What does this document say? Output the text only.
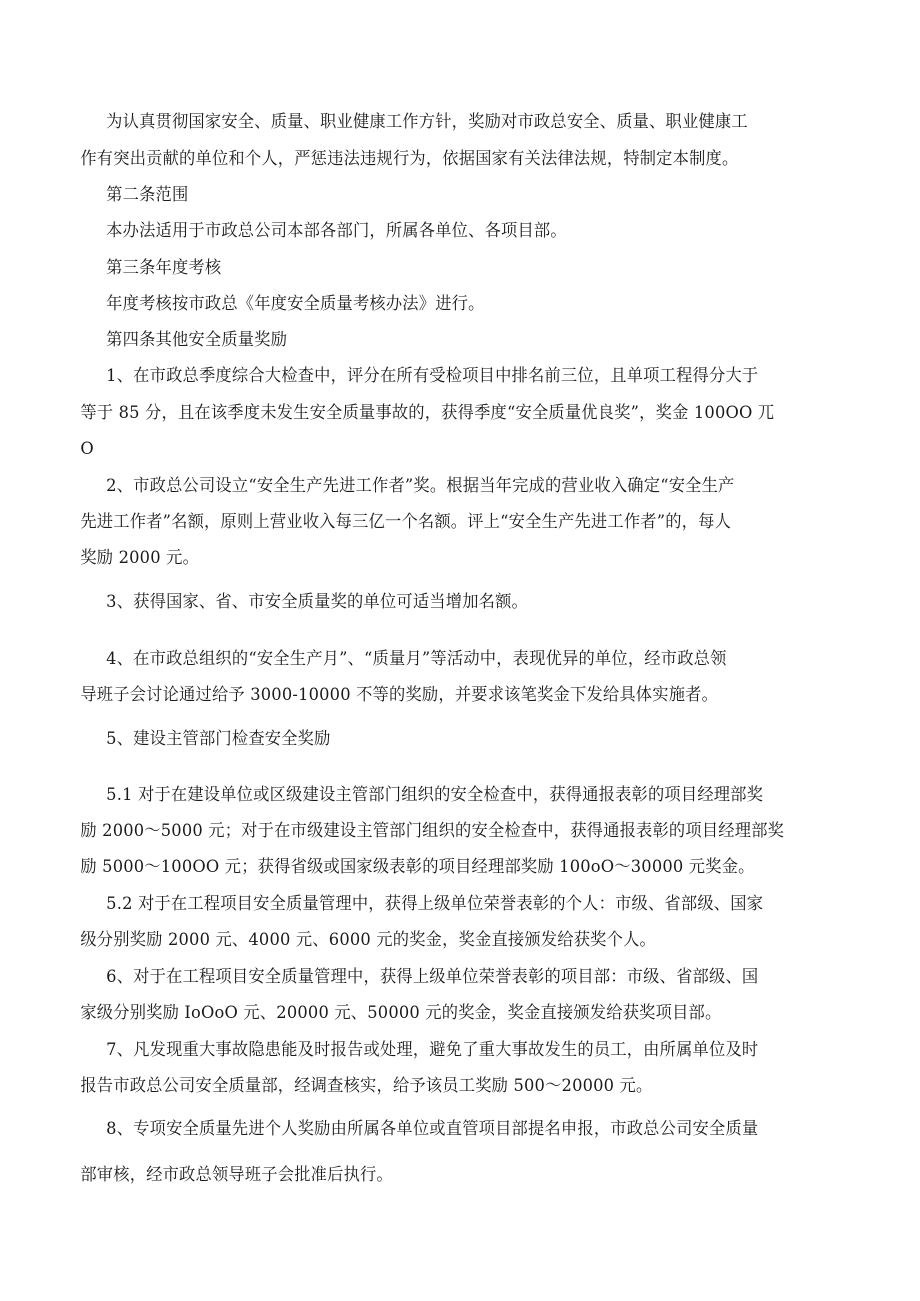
为认真贯彻国家安全、质量、职业健康工作方针，奖励对市政总安全、质量、职业健康工
作有突出贡献的单位和个人，严惩违法违规行为，依据国家有关法律法规，特制定本制度。
第二条范围
本办法适用于市政总公司本部各部门，所属各单位、各项目部。
第三条年度考核
年度考核按市政总《年度安全质量考核办法》进行。
第四条其他安全质量奖励
1、在市政总季度综合大检查中，评分在所有受检项目中排名前三位，且单项工程得分大于
等于 85 分，且在该季度未发生安全质量事故的，获得季度“安全质量优良奖”，奖金 100OO 兀
O
2、市政总公司设立“安全生产先进工作者”奖。根据当年完成的营业收入确定“安全生产
先进工作者”名额，原则上营业收入每三亿一个名额。评上“安全生产先进工作者”的，每人
奖励 2000 元。
3、获得国家、省、市安全质量奖的单位可适当增加名额。
4、在市政总组织的“安全生产月”、“质量月”等活动中，表现优异的单位，经市政总领
导班子会讨论通过给予 3000-10000 不等的奖励，并要求该笔奖金下发给具体实施者。
5、建设主管部门检查安全奖励
5.1 对于在建设单位或区级建设主管部门组织的安全检查中，获得通报表彰的项目经理部奖
励 2000～5000 元；对于在市级建设主管部门组织的安全检查中，获得通报表彰的项目经理部奖
励 5000～100OO 元；获得省级或国家级表彰的项目经理部奖励 100oO～30000 元奖金。
5.2 对于在工程项目安全质量管理中，获得上级单位荣誉表彰的个人：市级、省部级、国家
级分别奖励 2000 元、4000 元、6000 元的奖金，奖金直接颁发给获奖个人。
6、对于在工程项目安全质量管理中，获得上级单位荣誉表彰的项目部：市级、省部级、国
家级分别奖励 IoOoO 元、20000 元、50000 元的奖金，奖金直接颁发给获奖项目部。
7、凡发现重大事故隐患能及时报告或处理，避免了重大事故发生的员工，由所属单位及时
报告市政总公司安全质量部，经调查核实，给予该员工奖励 500～20000 元。
8、专项安全质量先进个人奖励由所属各单位或直管项目部提名申报，市政总公司安全质量
部审核，经市政总领导班子会批准后执行。
